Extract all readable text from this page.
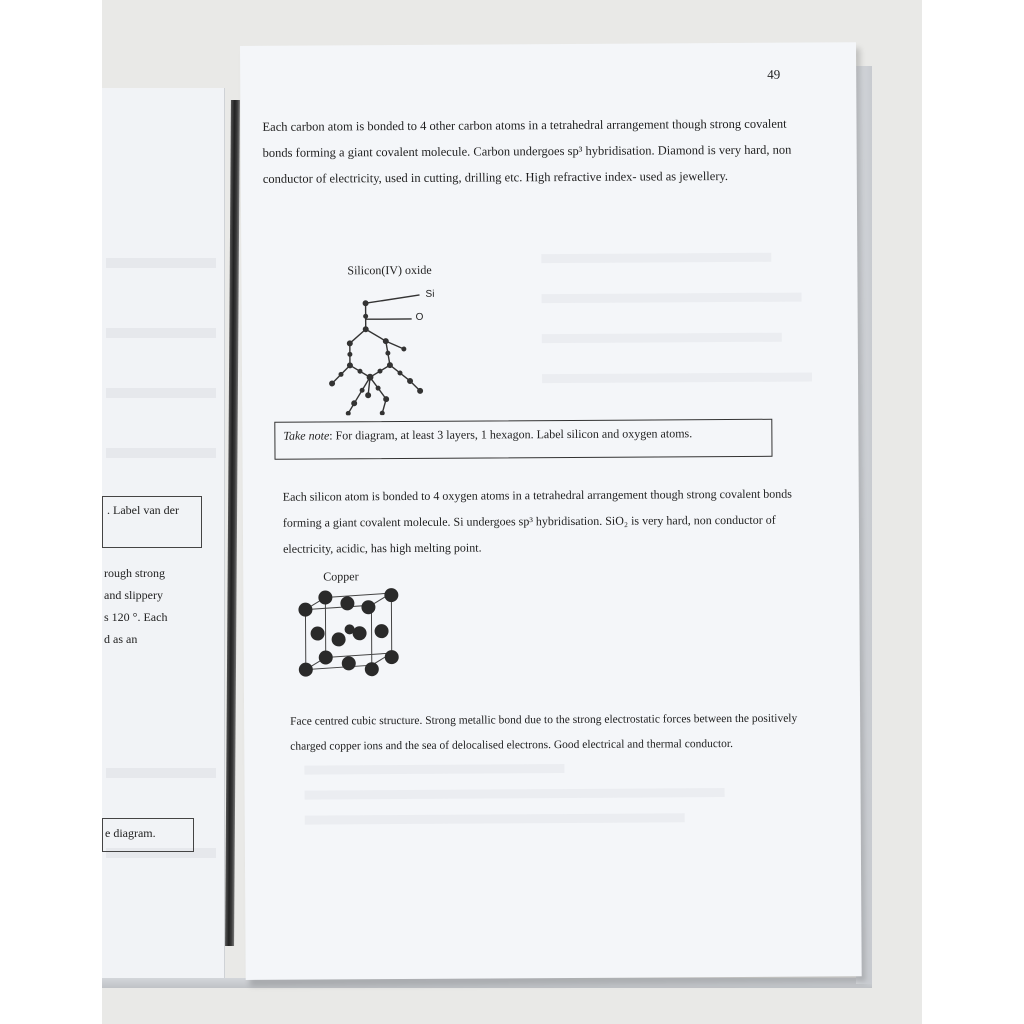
. Label van der
rough strong
and slippery
s 120 °. Each
d as an
e diagram.
49
Each carbon atom is bonded to 4 other carbon atoms in a tetrahedral arrangement though strong covalent bonds forming a giant covalent molecule. Carbon undergoes sp³ hybridisation. Diamond is very hard, non conductor of electricity, used in cutting, drilling etc. High refractive index- used as jewellery.
Silicon(IV) oxide
Si
O
Take note: For diagram, at least 3 layers, 1 hexagon. Label silicon and oxygen atoms.
Each silicon atom is bonded to 4 oxygen atoms in a tetrahedral arrangement though strong covalent bonds forming a giant covalent molecule. Si undergoes sp³ hybridisation. SiO₂ is very hard, non conductor of electricity, acidic, has high melting point.
Copper
Face centred cubic structure. Strong metallic bond due to the strong electrostatic forces between the positively charged copper ions and the sea of delocalised electrons. Good electrical and thermal conductor.
